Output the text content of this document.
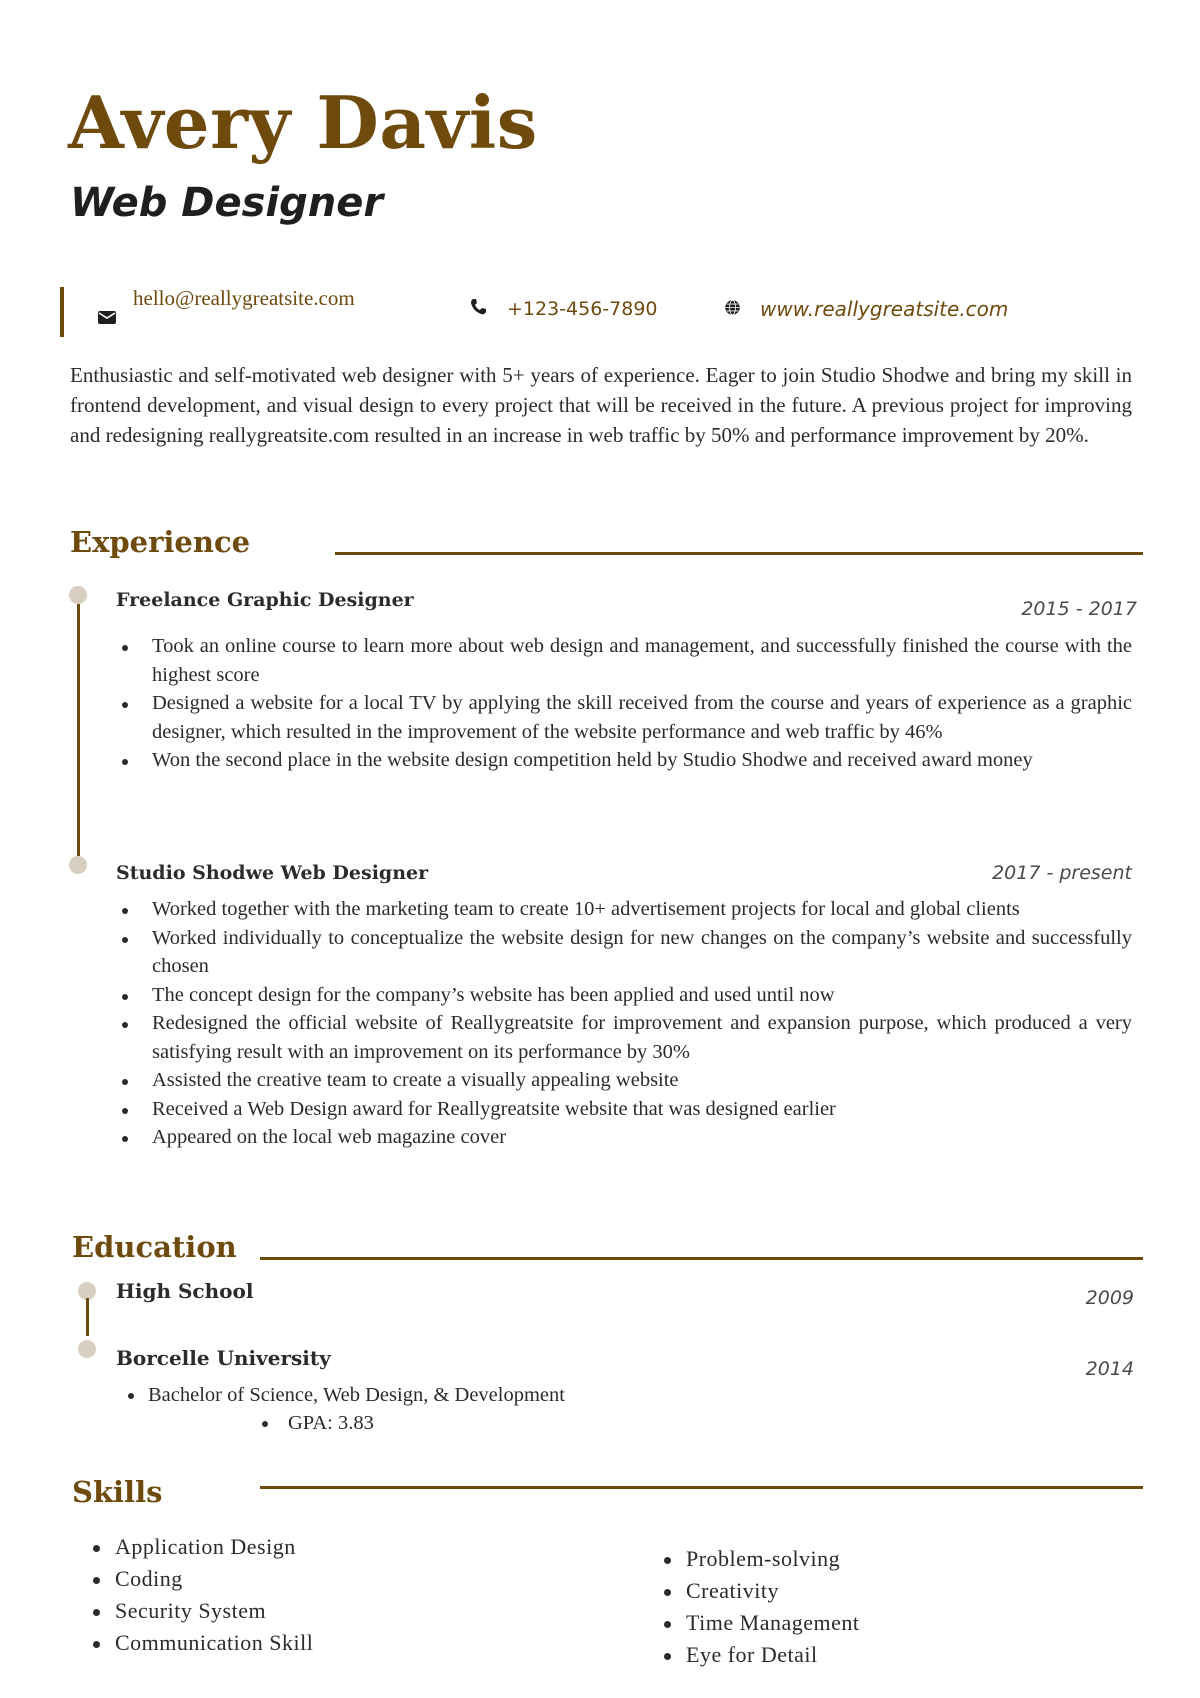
Avery Davis
Web Designer
hello@reallygreatsite.com	+123-456-7890	www.reallygreatsite.com

Enthusiastic and self-motivated web designer with 5+ years of experience. Eager to join Studio Shodwe and bring my skill in frontend development, and visual design to every project that will be received in the future. A previous project for improving and redesigning reallygreatsite.com resulted in an increase in web traffic by 50% and performance improvement by 20%.

Experience
Freelance Graphic Designer	2015 - 2017
Took an online course to learn more about web design and management, and successfully finished the course with the highest score
Designed a website for a local TV by applying the skill received from the course and years of experience as a graphic designer, which resulted in the improvement of the website performance and web traffic by 46%
Won the second place in the website design competition held by Studio Shodwe and received award money
Studio Shodwe Web Designer	2017 - present
Worked together with the marketing team to create 10+ advertisement projects for local and global clients
Worked individually to conceptualize the website design for new changes on the company’s website and successfully chosen
The concept design for the company’s website has been applied and used until now
Redesigned the official website of Reallygreatsite for improvement and expansion purpose, which produced a very satisfying result with an improvement on its performance by 30%
Assisted the creative team to create a visually appealing website
Received a Web Design award for Reallygreatsite website that was designed earlier
Appeared on the local web magazine cover
Education
High School	2009
Borcelle University	2014
Bachelor of Science, Web Design, & Development
GPA: 3.83
Skills
Application Design
Coding
Security System
Communication Skill
Problem-solving
Creativity
Time Management
Eye for Detail
